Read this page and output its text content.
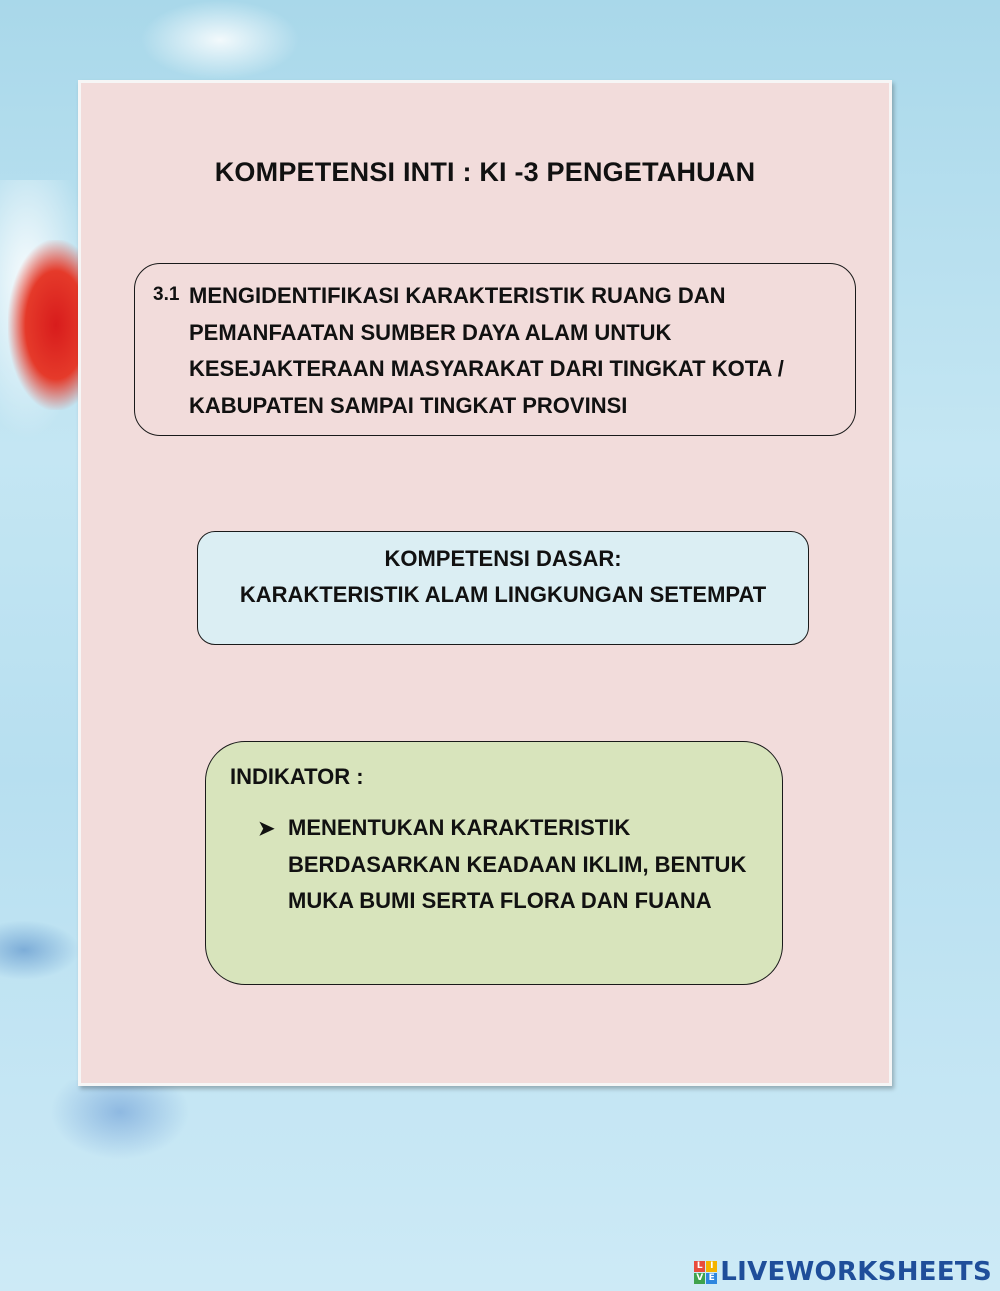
KOMPETENSI INTI : KI -3 PENGETAHUAN
3.1 MENGIDENTIFIKASI KARAKTERISTIK RUANG DAN
PEMANFAATAN SUMBER DAYA ALAM UNTUK
KESEJAKTERAAN MASYARAKAT DARI TINGKAT KOTA /
KABUPATEN SAMPAI TINGKAT PROVINSI
KOMPETENSI DASAR:
KARAKTERISTIK ALAM LINGKUNGAN SETEMPAT
INDIKATOR :
➤ MENENTUKAN KARAKTERISTIK
BERDASARKAN KEADAAN IKLIM, BENTUK
MUKA BUMI SERTA FLORA DAN FUANA
L I
V E LIVEWORKSHEETS
